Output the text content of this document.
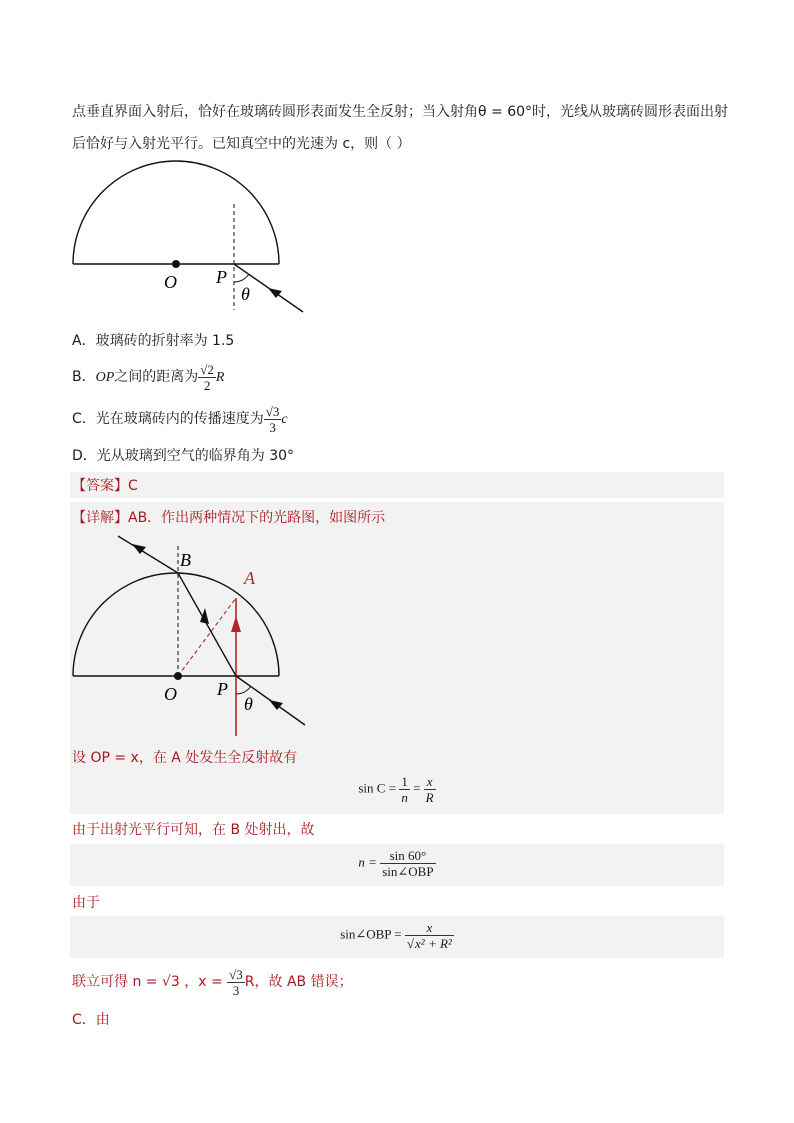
点垂直界面入射后，恰好在玻璃砖圆形表面发生全反射；当入射角θ = 60°时，光线从玻璃砖圆形表面出射
后恰好与入射光平行。已知真空中的光速为 c，则（ ）
O P
θ
A．玻璃砖的折射率为 1.5
B．OP之间的距离为 $\frac{√2}{2}$ R
C．光在玻璃砖内的传播速度为 $\frac{√3}{3}$ c
D．光从玻璃到空气的临界角为 30°
【答案】C
【详解】AB．作出两种情况下的光路图，如图所示
B
A
O P
θ
设 OP = x，在 A 处发生全反射故有
$\sin C = \frac{1}{n} = \frac{x}{R}$
由于出射光平行可知，在 B 处射出，故
$n = \frac{\sin 60^\circ}{\text{sin∠OBP}}$
由于
sin∠OBP = $\frac{x}{\text{√x² + R²}}$
联立可得 n = √3 ，$x = \frac{√3}{3}$ R，故 AB 错误；
C．由
